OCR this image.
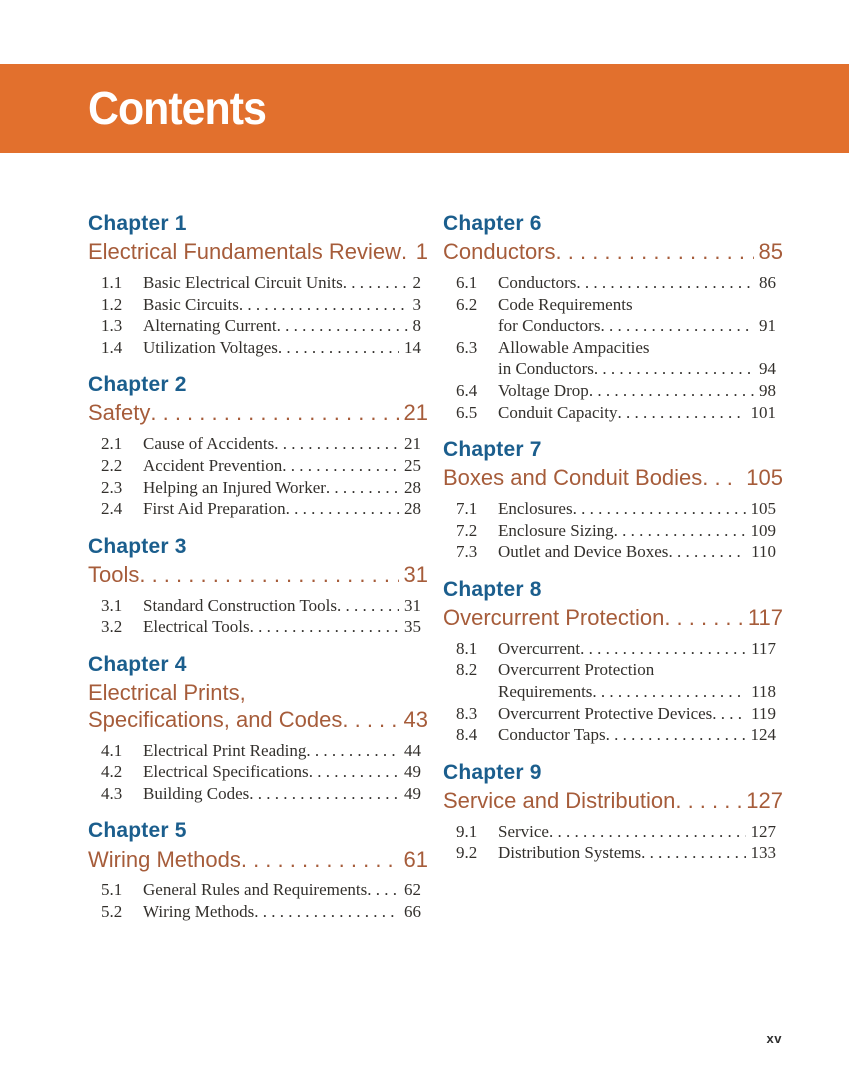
Contents
Chapter 1
Electrical Fundamentals Review . . . 1
1.1	Basic Electrical Circuit Units . . .	2
1.2	Basic Circuits . . .	3
1.3	Alternating Current . . .	8
1.4	Utilization Voltages . . .	14
Chapter 2
Safety . . .	21
2.1	Cause of Accidents . . .	21
2.2	Accident Prevention . . .	25
2.3	Helping an Injured Worker . . .	28
2.4	First Aid Preparation . . .	28
Chapter 3
Tools . . .	31
3.1	Standard Construction Tools . . .	31
3.2	Electrical Tools . . .	35
Chapter 4
Electrical Prints,
Specifications, and Codes . . .	43
4.1	Electrical Print Reading . . .	44
4.2	Electrical Specifications . . .	49
4.3	Building Codes . . .	49
Chapter 5
Wiring Methods . . .	61
5.1	General Rules and Requirements . . . 62
5.2	Wiring Methods . . .	66
Chapter 6
Conductors . . .	85
6.1	Conductors . . .	86
6.2	Code Requirements
for Conductors . . .	91
6.3	Allowable Ampacities
in Conductors . . .	94
6.4	Voltage Drop . . .	98
6.5	Conduit Capacity . . .	101
Chapter 7
Boxes and Conduit Bodies . . . 105
7.1	Enclosures . . .	105
7.2	Enclosure Sizing . . .	109
7.3	Outlet and Device Boxes . . .	110
Chapter 8
Overcurrent Protection . . .	117
8.1	Overcurrent . . .	117
8.2	Overcurrent Protection
Requirements . . .	118
8.3	Overcurrent Protective Devices . . . 119
8.4	Conductor Taps . . .	124
Chapter 9
Service and Distribution . . .	127
9.1	Service . . .	127
9.2	Distribution Systems . . .	133
xv
